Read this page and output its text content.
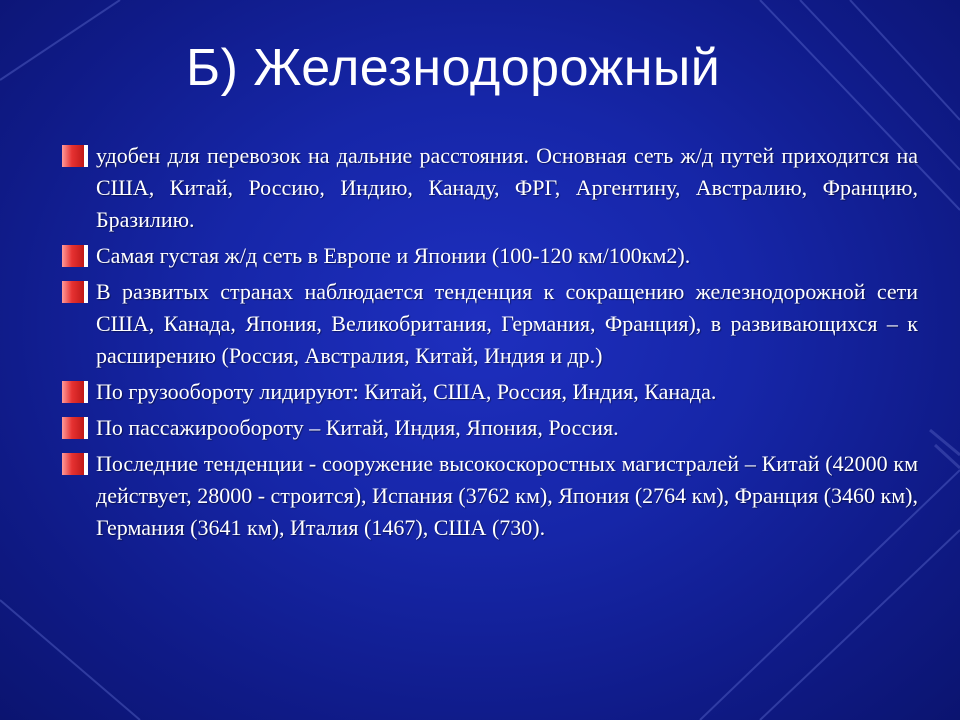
Б) Железнодорожный
удобен для перевозок на дальние расстояния. Основная сеть ж/д путей приходится на США, Китай, Россию, Индию, Канаду, ФРГ, Аргентину, Австралию, Францию, Бразилию.
Самая густая ж/д сеть в Европе и Японии (100-120 км/100км2).
В развитых странах наблюдается тенденция к сокращению железнодорожной сети США, Канада, Япония, Великобритания, Германия, Франция), в развивающихся – к расширению (Россия, Австралия, Китай, Индия и др.)
По грузообороту лидируют: Китай, США, Россия, Индия, Канада.
По пассажирообороту – Китай, Индия, Япония, Россия.
Последние тенденции - сооружение высокоскоростных магистралей – Китай (42000 км действует, 28000 - строится), Испания (3762 км), Япония (2764 км), Франция (3460 км), Германия (3641 км), Италия (1467), США (730).
